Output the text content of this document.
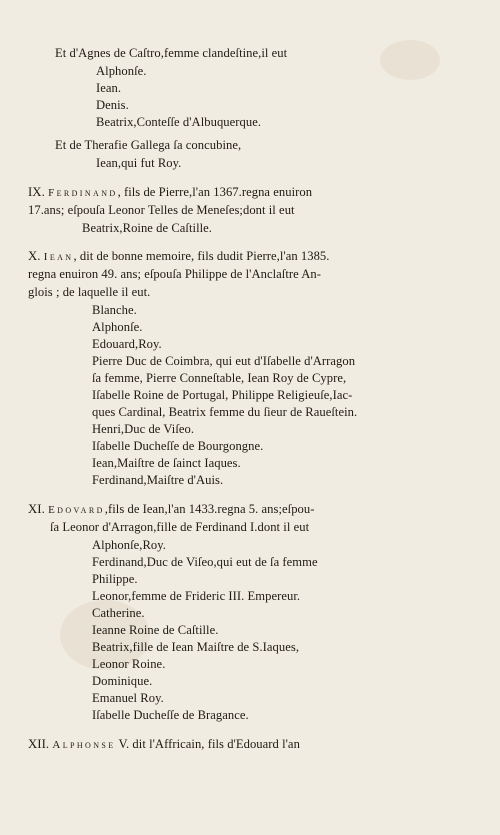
Et d'Agnes de Caſtro,femme clandeſtine,il eut
Alphonſe.
Iean.
Denis.
Beatrix,Conteſſe d'Albuquerque.
Et de Therafie Gallega ſa concubine,
Iean,qui fut Roy.
IX. Ferdinand, fils de Pierre,l'an 1367.regna enuiron
17.ans; eſpouſa Leonor Telles de Meneſes;dont il eut
Beatrix,Roine de Caſtille.
X. Iean, dit de bonne memoire, fils dudit Pierre,l'an 1385.
regna enuiron 49. ans; eſpouſa Philippe de l'Anclaſtre An-
glois ; de laquelle il eut.
Blanche.
Alphonſe.
Edouard,Roy.
Pierre Duc de Coimbra, qui eut d'Iſabelle d'Arragon
ſa femme, Pierre Conneſtable, Iean Roy de Cypre,
Iſabelle Roine de Portugal, Philippe Religieuſe,Iac-
ques Cardinal, Beatrix femme du ſieur de Raueſtein.
Henri,Duc de Viſeo.
Iſabelle Ducheſſe de Bourgongne.
Iean,Maiſtre de ſainct Iaques.
Ferdinand,Maiſtre d'Auis.
XI. Edovard,fils de Iean,l'an 1433.regna 5. ans;eſpou-
ſa Leonor d'Arragon,fille de Ferdinand I.dont il eut
Alphonſe,Roy.
Ferdinand,Duc de Viſeo,qui eut de ſa femme
Philippe.
Leonor,femme de Frideric III. Empereur.
Catherine.
Ieanne Roine de Caſtille.
Beatrix,fille de Iean Maiſtre de S.Iaques,
Leonor Roine.
Dominique.
Emanuel Roy.
Iſabelle Ducheſſe de Bragance.
XII. Alphonse V. dit l'Affricain, fils d'Edouard l'an
